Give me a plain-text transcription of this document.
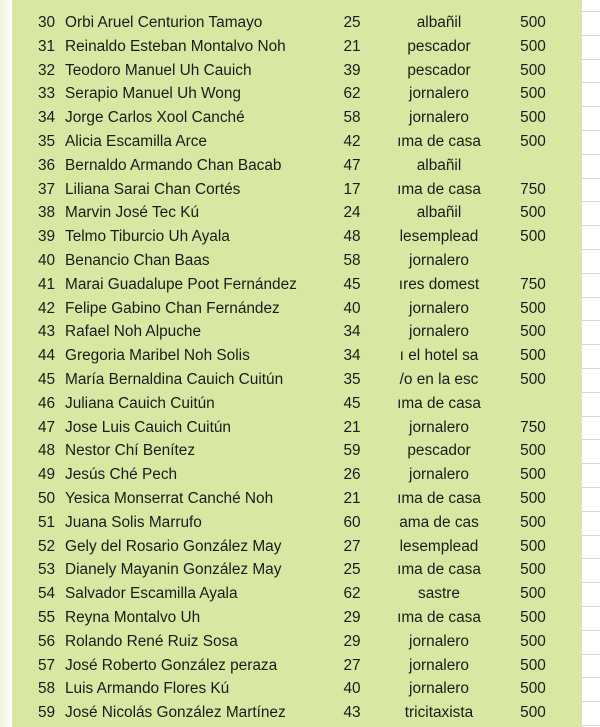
30 Orbi Aruel Centurion Tamayo	25	albañil	500
31 Reinaldo Esteban Montalvo Noh	21	pescador	500
32 Teodoro Manuel Uh Cauich	39	pescador	500
33 Serapio Manuel Uh Wong	62	jornalero	500
34 Jorge Carlos Xool Canché	58	jornalero	500
35 Alicia Escamilla Arce	42	ıma de casa	500
36 Bernaldo Armando Chan Bacab	47	albañil
37 Liliana Sarai Chan Cortés	17	ıma de casa	750
38 Marvin José Tec Kú	24	albañil	500
39 Telmo Tiburcio Uh Ayala	48	lesemplead	500
40 Benancio Chan Baas	58	jornalero
41 Marai Guadalupe Poot Fernández	45	ıres domest	750
42 Felipe Gabino Chan Fernández	40	jornalero	500
43 Rafael Noh Alpuche	34	jornalero	500
44 Gregoria Maribel Noh Solis	34	ı el hotel sa	500
45 María Bernaldina Cauich Cuitún	35	/o en la esc	500
46 Juliana Cauich Cuitún	45	ıma de casa
47 Jose Luis Cauich Cuitún	21	jornalero	750
48 Nestor Chí Benítez	59	pescador	500
49 Jesús Ché Pech	26	jornalero	500
50 Yesica Monserrat Canché Noh	21	ıma de casa	500
51 Juana Solis Marrufo	60	ama de cas	500
52 Gely del Rosario González May	27	lesemplead	500
53 Dianely Mayanin González May	25	ıma de casa	500
54 Salvador Escamilla Ayala	62	sastre	500
55 Reyna Montalvo Uh	29	ıma de casa	500
56 Rolando René Ruiz Sosa	29	jornalero	500
57 José Roberto González peraza	27	jornalero	500
58 Luis Armando Flores Kú	40	jornalero	500
59 José Nicolás González Martínez	43	tricitaxista	500
